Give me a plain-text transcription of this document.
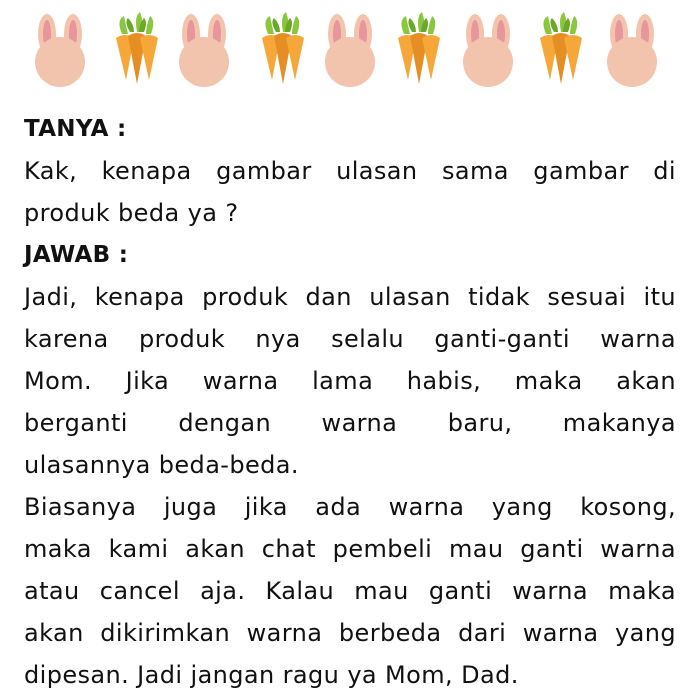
TANYA :
Kak, kenapa gambar ulasan sama gambar di
produk beda ya ?
JAWAB :
Jadi, kenapa produk dan ulasan tidak sesuai itu
karena produk nya selalu ganti-ganti warna
Mom. Jika warna lama habis, maka akan
berganti dengan warna baru, makanya
ulasannya beda-beda.
Biasanya juga jika ada warna yang kosong,
maka kami akan chat pembeli mau ganti warna
atau cancel aja. Kalau mau ganti warna maka
akan dikirimkan warna berbeda dari warna yang
dipesan. Jadi jangan ragu ya Mom, Dad.
